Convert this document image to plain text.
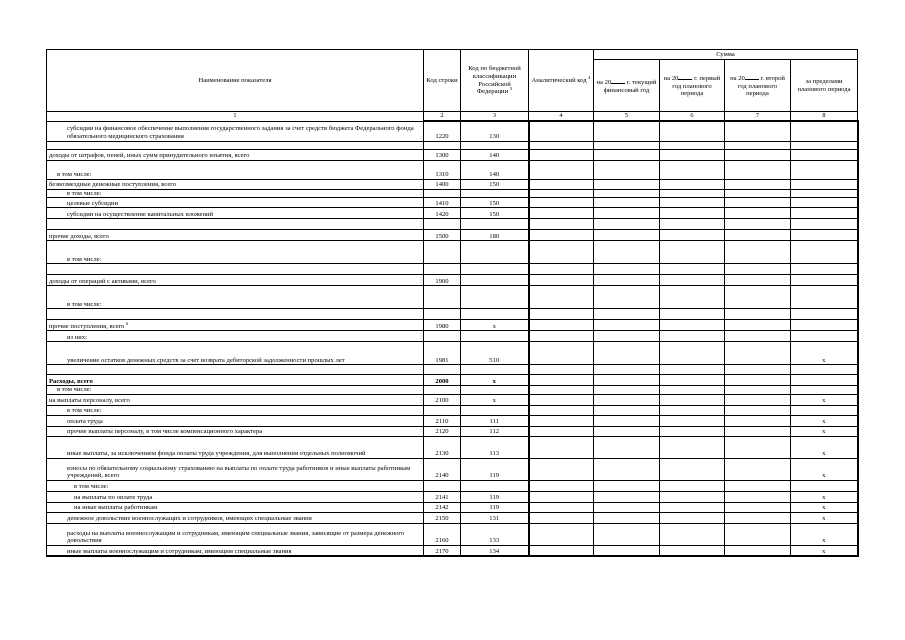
Наименование показателя	Код строки	Код по бюджетной классификации Российской Федерации $^3$	Аналитический код $^4$	Сумма			
				на 20 г. текущий финансовый год	на 20 г. первый год планового периода	на 20 г. второй год планового периода	за пределами планового периода
1	2	3	4	5	6	7	8
субсидии на финансовое обеспечение выполнения государственного задания за счет средств бюджета Федерального фонда обязательного медицинского страхования	1220	130					

доходы от штрафов, пеней, иных сумм принудительного изъятия, всего	1300	140					
в том числе:	1310	140					
безвозмездные денежные поступления, всего	1400	150					
в том числе:							
целевые субсидии	1410	150					
субсидии на осуществление капитальных вложений	1420	150					

прочие доходы, всего	1500	180					
в том числе:							

доходы от операций с активами, всего	1900						
в том числе:							

прочие поступления, всего $^6$	1980	х					
из них:							
увеличение остатков денежных средств за счет возврата дебиторской задолженности прошлых лет	1981	510					х

Расходы, всего	2000	х					
в том числе:							
на выплаты персоналу, всего	2100	х					х
в том числе:							
оплата труда	2110	111					х
прочие выплаты персоналу, в том числе компенсационного характера	2120	112					х
иные выплаты, за исключением фонда оплаты труда учреждения, для выполнения отдельных полномочий	2130	113					х
взносы по обязательному социальному страхованию на выплаты по оплате труда работников и иные выплаты работникам учреждений, всего	2140	119					х
в том числе:							
на выплаты по оплате труда	2141	119					х
на иные выплаты работникам	2142	119					х
денежное довольствие военнослужащих и сотрудников, имеющих специальные звания	2150	131					х
расходы на выплаты военнослужащим и сотрудникам, имеющим специальные звания, зависящие от размера денежного довольствия	2160	133					х
иные выплаты военнослужащим и сотрудникам, имеющим специальные звания	2170	134					х
